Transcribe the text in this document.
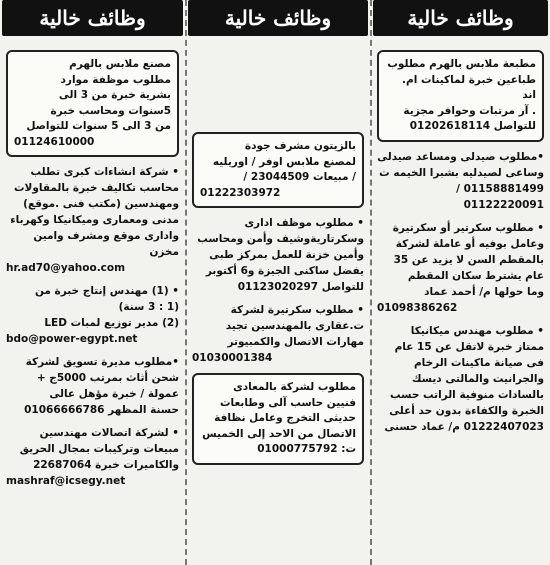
وظائف خالية
مطبعة ملابس بالهرم مطلوب
طباعين خبرة لماكينات ام. اند
. آر مرتبات وحوافر مجزية
للتواصل 01202618114
•مطلوب صيدلى ومساعد صيدلى
وساعى لصيدليه بشبرا الخيمه ت
01158881499 / 01122220091
• مطلوب سكرتير أو سكرتيرة
وعامل بوفيه أو عاملة لشركة
بالمقطم السن لا يزيد عن 35
عام يشترط سكان المقطم
وما حولها م/ أحمد عماد
01098386262
• مطلوب مهندس ميكانيكا
ممتاز خبرة لاتقل عن 15 عام
فى صيانة ماكينات الرخام
والجرانيت والمالتى ديسك
بالسادات منوفية الراتب حسب
الخبرة والكفاءة بدون حد أعلى
01222407023 م/ عماد حسنى
وظائف خالية
بالزيتون مشرف جودة
لمصنع ملابس اوفر / اوريليه
/ مبيعات 23044509 /
01222303972
• مطلوب موظف ادارى
وسكرتاريةوشيف وأمن ومحاسب
وأمين خزنة للعمل بمركز طبى
يفضل ساكنى الجيزة و6 أكتوبر
للتواصل 01123020297
• مطلوب سكرتيرة لشركة
ت.عقارى بالمهندسين تجيد
مهارات الاتصال والكمبيوتر
01030001384
مطلوب لشركة بالمعادى
فنيين حاسب آلى وطابعات
حديثى التخرج وعامل نظافة
الاتصال من الاحد إلى الخميس
ت: 01000775792
وظائف خالية
مصنع ملابس بالهرم
مطلوب موظفة موارد
بشرية خبرة من 3 الى
5سنوات ومحاسب خبرة
من 3 الى 5 سنوات للتواصل
01124610000
• شركة انشاءات كبرى تطلب
محاسب تكاليف خبرة بالمقاولات
ومهندسين (مكتب فنى .موقع)
مدنى ومعمارى وميكانيكا وكهرباء
وادارى موقع ومشرف وامين مخزن
hr.ad70@yahoo.com
• (1) مهندس إنتاج خبرة من
(1 : 3 سنة)
(2) مدير توزيع لمبات LED
bdo@power-egypt.net
•مطلوب مديرة تسويق لشركة
شحن أثاث بمرتب 5000ج +
عمولة / خبرة مؤهل عالى
حسنة المظهر 01066666786
• لشركة اتصالات مهندسين
مبيعات وتركيبات بمجال الحريق
والكاميرات خبرة 22687064
mashraf@icsegy.net
